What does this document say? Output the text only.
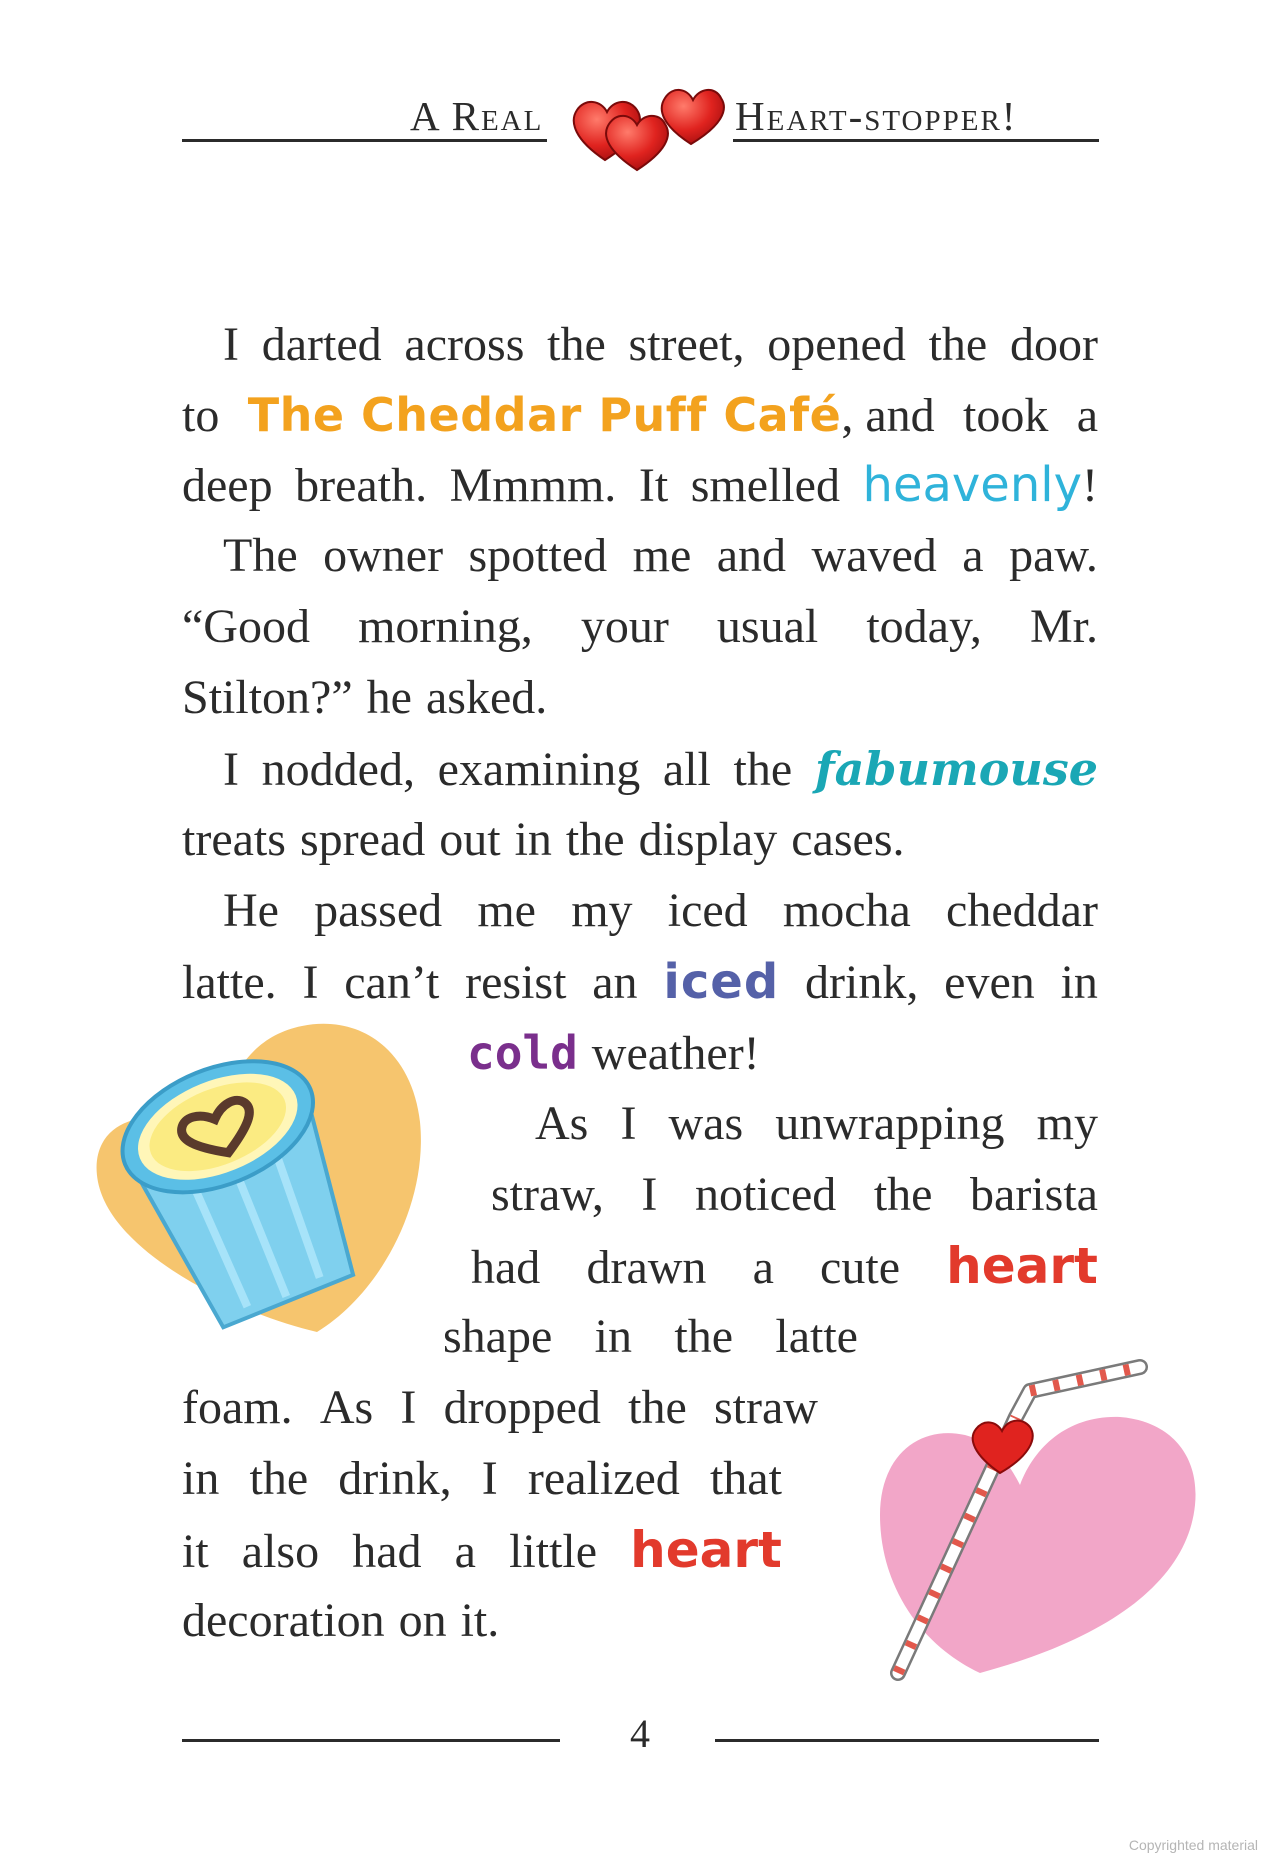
A Real	Heart-stopper!
I darted across the street, opened the door
to The Cheddar Puff Café, and took a
deep breath. Mmmm. It smelled heavenly!
The owner spotted me and waved a paw.
“Good morning, your usual today, Mr.
Stilton?” he asked.
I nodded, examining all the fabumouse
treats spread out in the display cases.
He passed me my iced mocha cheddar
latte. I can’t resist an iced drink, even in
cold weather!
As I was unwrapping my
straw, I noticed the barista
had drawn a cute heart
shape in the latte
foam. As I dropped the straw
in the drink, I realized that
it also had a little heart
decoration on it.
4
Copyrighted material
